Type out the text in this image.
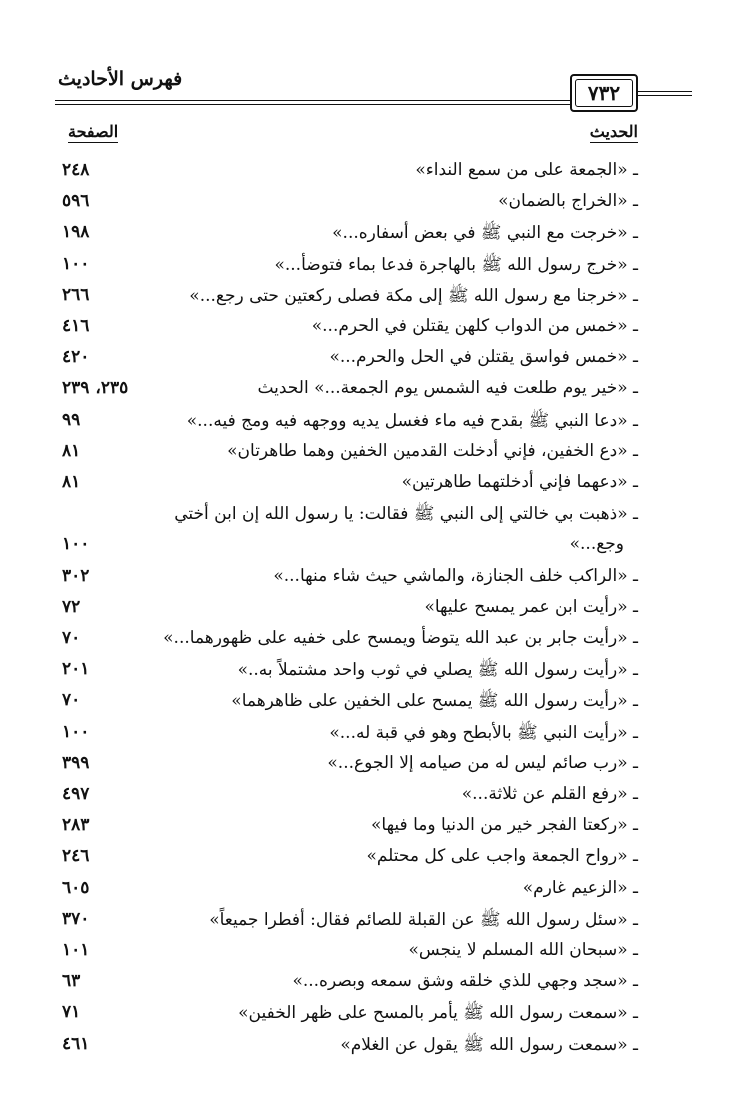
فهرس الأحاديث
٧٣٢
الحديث
الصفحة
ـ «الجمعة على من سمع النداء»
٢٤٨
ـ «الخراج بالضمان»
٥٩٦
ـ «خرجت مع النبي ﷺ في بعض أسفاره...»
١٩٨
ـ «خرج رسول الله ﷺ بالهاجرة فدعا بماء فتوضأ...»
١٠٠
ـ «خرجنا مع رسول الله ﷺ إلى مكة فصلى ركعتين حتى رجع...»
٢٦٦
ـ «خمس من الدواب كلهن يقتلن في الحرم...»
٤١٦
ـ «خمس فواسق يقتلن في الحل والحرم...»
٤٢٠
ـ «خير يوم طلعت فيه الشمس يوم الجمعة...» الحديث
٢٣٥، ٢٣٩
ـ «دعا النبي ﷺ بقدح فيه ماء فغسل يديه ووجهه فيه ومج فيه...»
٩٩
ـ «دع الخفين، فإني أدخلت القدمين الخفين وهما طاهرتان»
٨١
ـ «دعهما فإني أدخلتهما طاهرتين»
٨١
ـ «ذهبت بي خالتي إلى النبي ﷺ فقالت: يا رسول الله إن ابن أختي
وجع...»
١٠٠
ـ «الراكب خلف الجنازة، والماشي حيث شاء منها...»
٣٠٢
ـ «رأيت ابن عمر يمسح عليها»
٧٢
ـ «رأيت جابر بن عبد الله يتوضأ ويمسح على خفيه على ظهورهما...»
٧٠
ـ «رأيت رسول الله ﷺ يصلي في ثوب واحد مشتملاً به..»
٢٠١
ـ «رأيت رسول الله ﷺ يمسح على الخفين على ظاهرهما»
٧٠
ـ «رأيت النبي ﷺ بالأبطح وهو في قبة له...»
١٠٠
ـ «رب صائم ليس له من صيامه إلا الجوع...»
٣٩٩
ـ «رفع القلم عن ثلاثة...»
٤٩٧
ـ «ركعتا الفجر خير من الدنيا وما فيها»
٢٨٣
ـ «رواح الجمعة واجب على كل محتلم»
٢٤٦
ـ «الزعيم غارم»
٦٠٥
ـ «سئل رسول الله ﷺ عن القبلة للصائم فقال: أفطرا جميعاً»
٣٧٠
ـ «سبحان الله المسلم لا ينجس»
١٠١
ـ «سجد وجهي للذي خلقه وشق سمعه وبصره...»
٦٣
ـ «سمعت رسول الله ﷺ يأمر بالمسح على ظهر الخفين»
٧١
ـ «سمعت رسول الله ﷺ يقول عن الغلام»
٤٦١
